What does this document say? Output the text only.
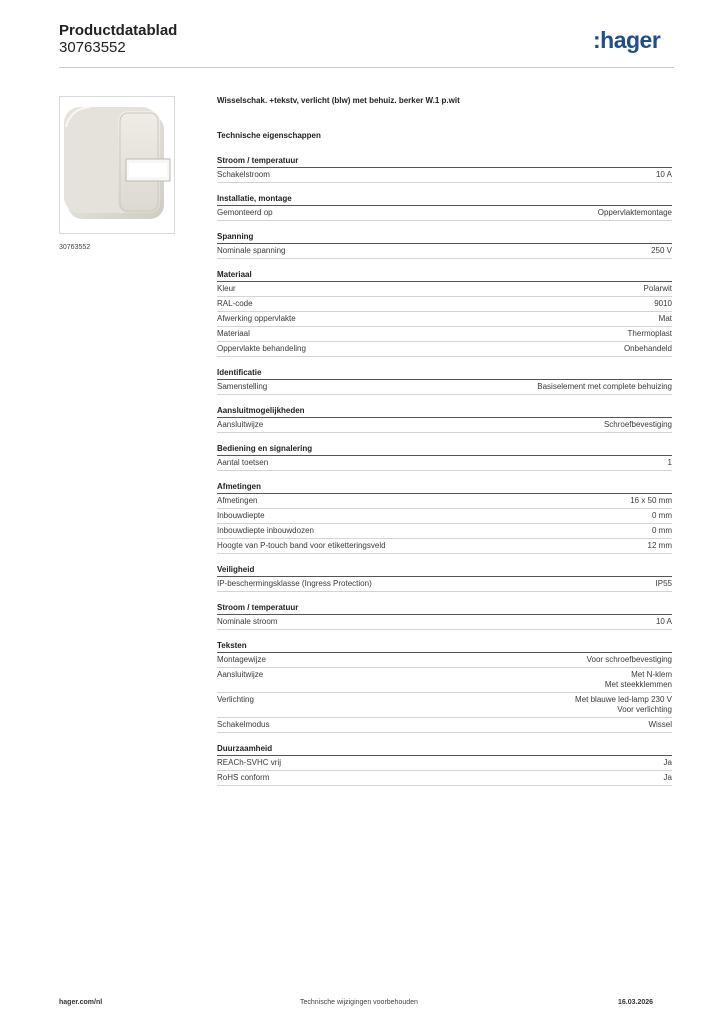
Productdatablad
30763552	:hager
30763552
Wisselschak. +tekstv, verlicht (blw) met behuiz. berker W.1 p.wit
Technische eigenschappen
Stroom / temperatuur
Schakelstroom	10 A
Installatie, montage
Gemonteerd op	Oppervlaktemontage
Spanning
Nominale spanning	250 V
Materiaal
Kleur	Polarwit
RAL-code	9010
Afwerking oppervlakte	Mat
Materiaal	Thermoplast
Oppervlakte behandeling	Onbehandeld
Identificatie
Samenstelling	Basiselement met complete behuizing
Aansluitmogelijkheden
Aansluitwijze	Schroefbevestiging
Bediening en signalering
Aantal toetsen	1
Afmetingen
Afmetingen	16 x 50 mm
Inbouwdiepte	0 mm
Inbouwdiepte inbouwdozen	0 mm
Hoogte van P-touch band voor etiketteringsveld	12 mm
Veiligheid
IP-beschermingsklasse (Ingress Protection)	IP55
Stroom / temperatuur
Nominale stroom	10 A
Teksten
Montagewijze	Voor schroefbevestiging
Aansluitwijze	Met N-klem
Met steekklemmen
Verlichting	Met blauwe led-lamp 230 V
Voor verlichting
Schakelmodus	Wissel
Duurzaamheid
REACh-SVHC vrij	Ja
RoHS conform	Ja
hager.com/nl	Technische wijzigingen voorbehouden	16.03.2026
